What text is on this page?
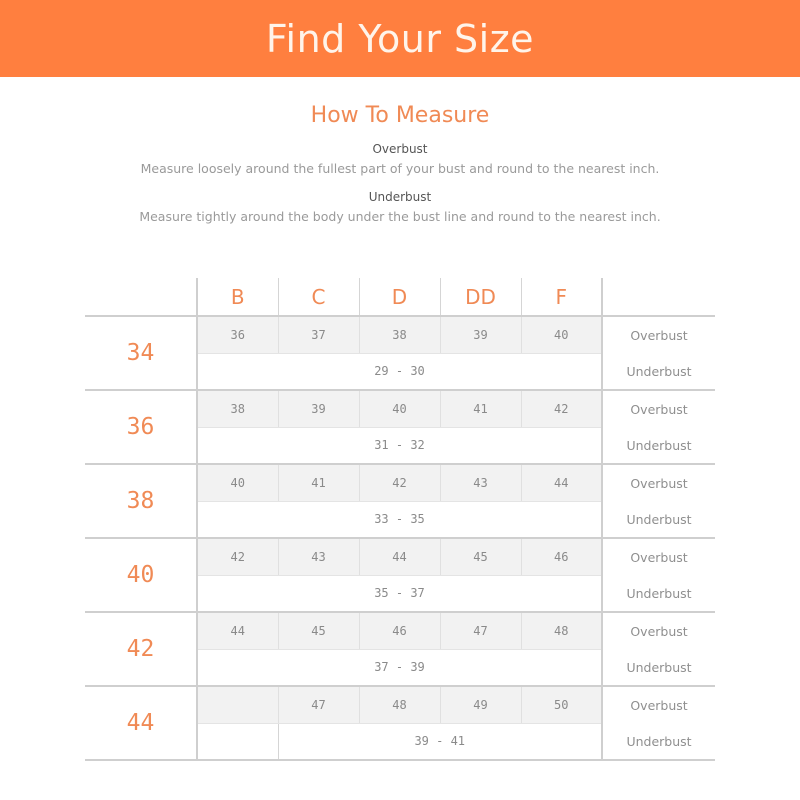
Find Your Size
How To Measure
Overbust
Measure loosely around the fullest part of your bust and round to the nearest inch.
Underbust
Measure tightly around the body under the bust line and round to the nearest inch.
	B	C	D	DD	F	
34	36	37	38	39	40	Overbust
	29 - 30					Underbust
36	38	39	40	41	42	Overbust
	31 - 32					Underbust
38	40	41	42	43	44	Overbust
	33 - 35					Underbust
40	42	43	44	45	46	Overbust
	35 - 37					Underbust
42	44	45	46	47	48	Overbust
	37 - 39					Underbust
44		47	48	49	50	Overbust
		39 - 41				Underbust
